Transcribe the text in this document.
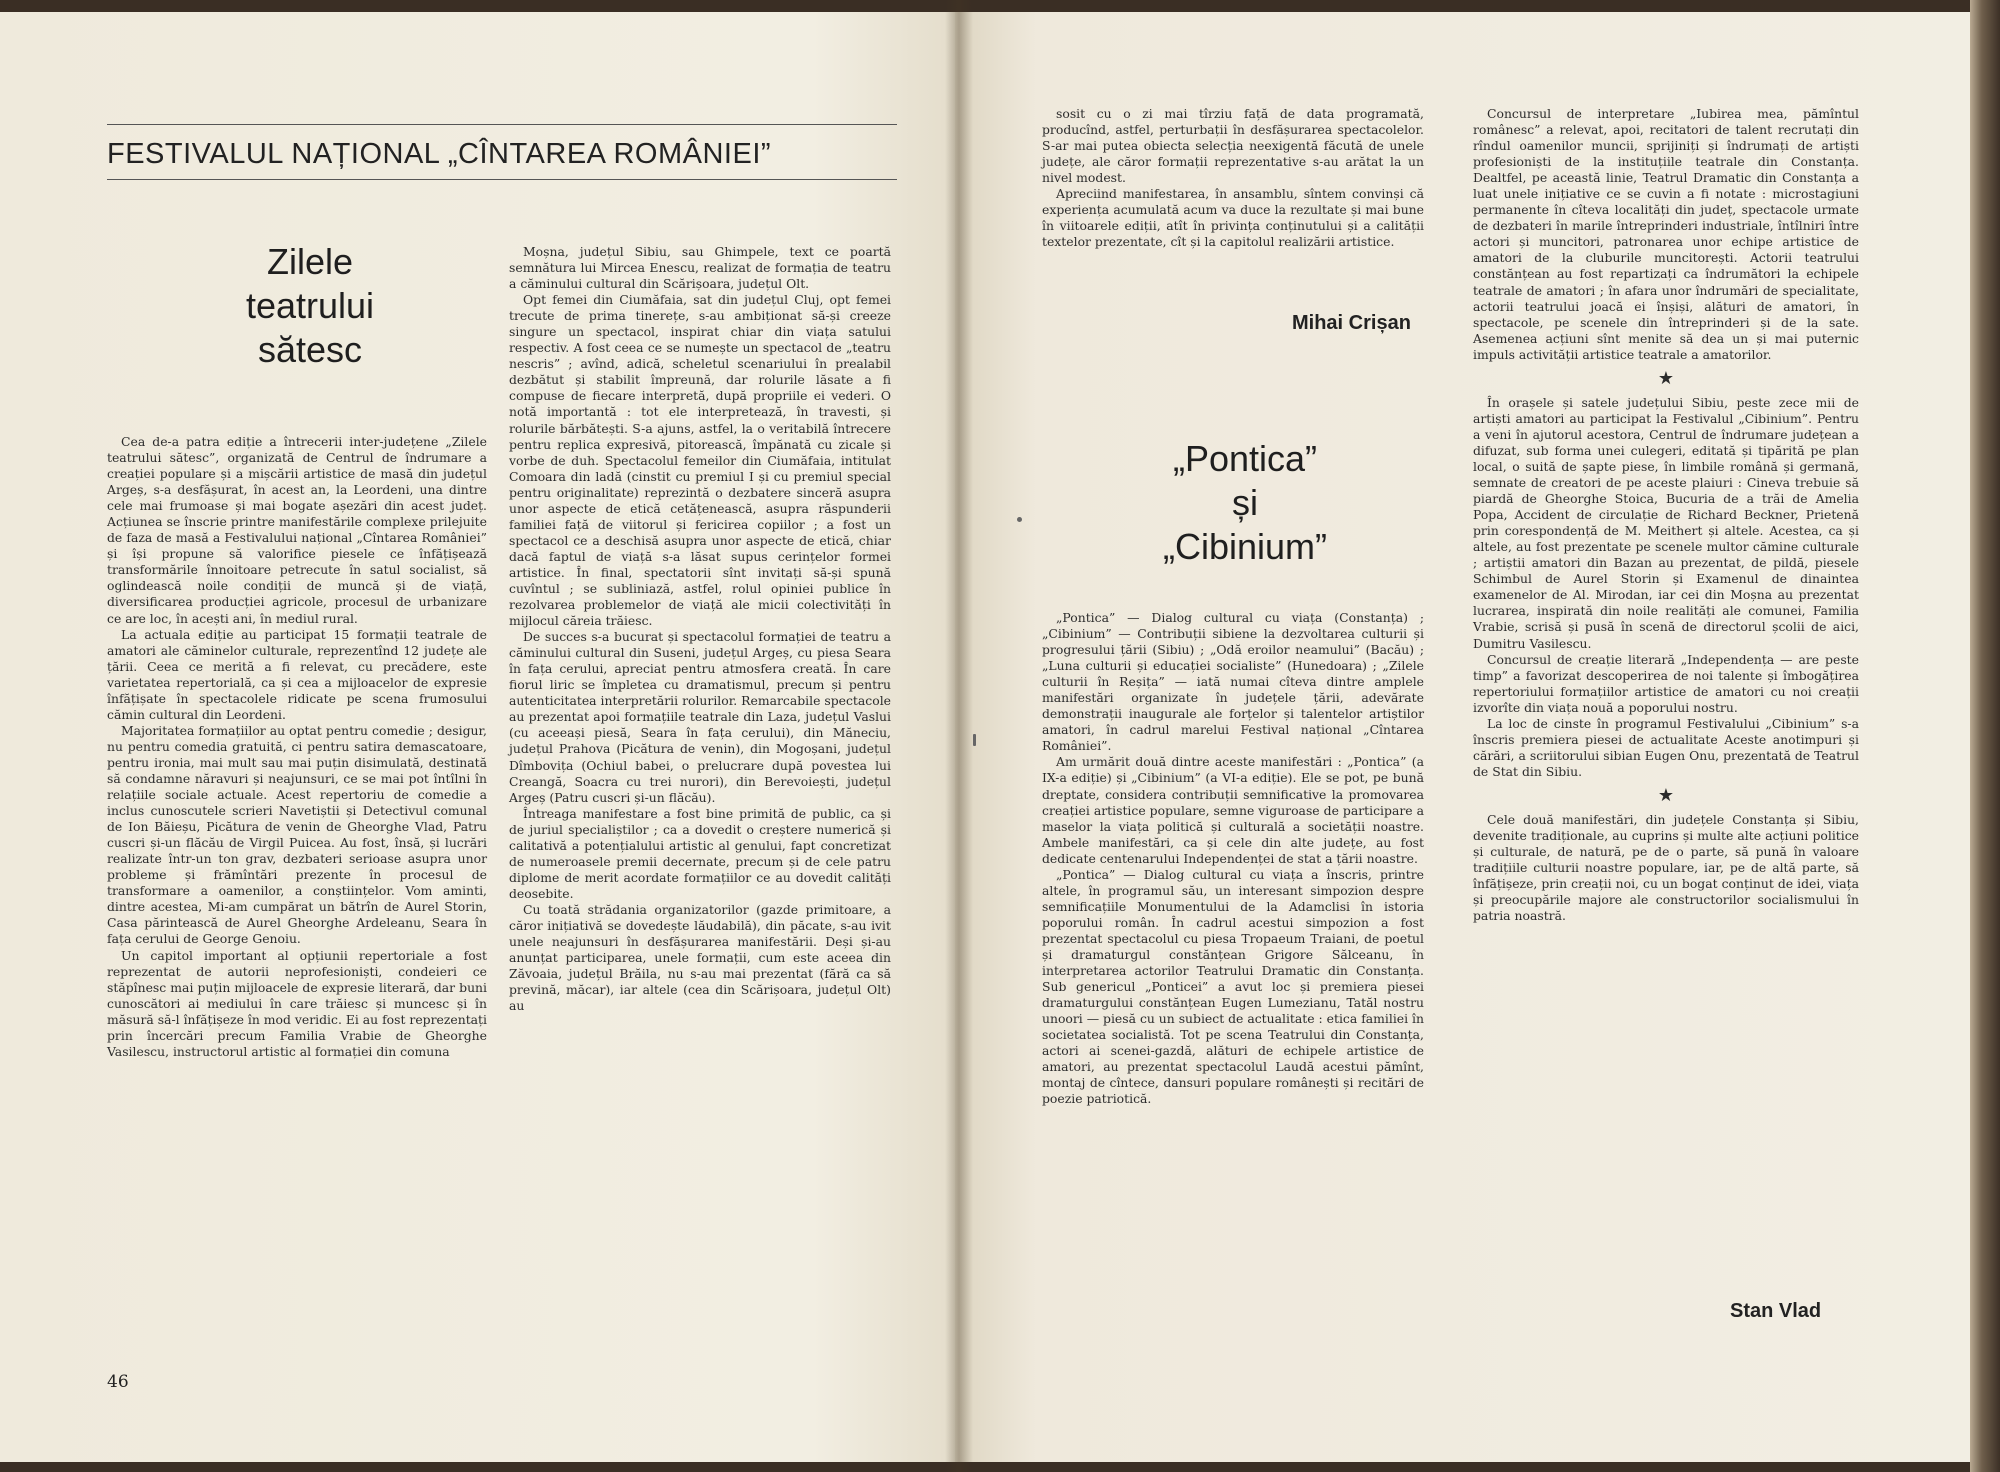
FESTIVALUL NAȚIONAL „CÎNTAREA ROMÂNIEI”
Zilele teatrului sătesc

Cea de-a patra ediție a întrecerii inter-județene „Zilele teatrului sătesc”, organizată de Centrul de îndrumare a creației populare și a mișcării artistice de masă din județul Argeș, s-a desfășurat, în acest an, la Leordeni, una dintre cele mai frumoase și mai bogate așezări din acest județ. Acțiunea se înscrie printre manifestările complexe prilejuite de faza de masă a Festivalului național „Cîntarea României” și își propune să valorifice piesele ce înfățișează transformările înnoitoare petrecute în satul socialist, să oglindească noile condiții de muncă și de viață, diversificarea producției agricole, procesul de urbanizare ce are loc, în acești ani, în mediul rural.

La actuala ediție au participat 15 formații teatrale de amatori ale căminelor culturale, reprezentînd 12 județe ale țării. Ceea ce merită a fi relevat, cu precădere, este varietatea repertorială, ca și cea a mijloacelor de expresie înfățișate în spectacolele ridicate pe scena frumosului cămin cultural din Leordeni.

Majoritatea formațiilor au optat pentru comedie ; desigur, nu pentru comedia gratuită, ci pentru satira demascatoare, pentru ironia, mai mult sau mai puțin disimulată, destinată să condamne năravuri și neajunsuri, ce se mai pot întîlni în relațiile sociale actuale. Acest repertoriu de comedie a inclus cunoscutele scrieri Navetiștii și Detectivul comunal de Ion Băieșu, Picătura de venin de Gheorghe Vlad, Patru cuscri și-un flăcău de Virgil Puicea. Au fost, însă, și lucrări realizate într-un ton grav, dezbateri serioase asupra unor probleme și frămîntări prezente în procesul de transformare a oamenilor, a conștiințelor. Vom aminti, dintre acestea, Mi-am cumpărat un bătrîn de Aurel Storin, Casa părintească de Aurel Gheorghe Ardeleanu, Seara în fața cerului de George Genoiu.

Un capitol important al opțiunii repertoriale a fost reprezentat de autorii neprofesioniști, condeieri ce stăpînesc mai puțin mijloacele de expresie literară, dar buni cunoscători ai mediului în care trăiesc și muncesc și în măsură să-l înfățișeze în mod veridic. Ei au fost reprezentați prin încercări precum Familia Vrabie de Gheorghe Vasilescu, instructorul artistic al formației din comuna

Moșna, județul Sibiu, sau Ghimpele, text ce poartă semnătura lui Mircea Enescu, realizat de formația de teatru a căminului cultural din Scărișoara, județul Olt.

Opt femei din Ciumăfaia, sat din județul Cluj, opt femei trecute de prima tinerețe, s-au ambiționat să-și creeze singure un spectacol, inspirat chiar din viața satului respectiv. A fost ceea ce se numește un spectacol de „teatru nescris” ; avînd, adică, scheletul scenariului în prealabil dezbătut și stabilit împreună, dar rolurile lăsate a fi compuse de fiecare interpretă, după propriile ei vederi. O notă importantă : tot ele interpretează, în travesti, și rolurile bărbătești. S-a ajuns, astfel, la o veritabilă întrecere pentru replica expresivă, pitorească, împănată cu zicale și vorbe de duh. Spectacolul femeilor din Ciumăfaia, intitulat Comoara din ladă (cinstit cu premiul I și cu premiul special pentru originalitate) reprezintă o dezbatere sinceră asupra unor aspecte de etică cetățenească, asupra răspunderii familiei față de viitorul și fericirea copiilor ; a fost un spectacol ce a deschisă asupra unor aspecte de etică, chiar dacă faptul de viață s-a lăsat supus cerințelor formei artistice. În final, spectatorii sînt invitați să-și spună cuvîntul ; se subliniază, astfel, rolul opiniei publice în rezolvarea problemelor de viață ale micii colectivități în mijlocul căreia trăiesc.

De succes s-a bucurat și spectacolul formației de teatru a căminului cultural din Suseni, județul Argeș, cu piesa Seara în fața cerului, apreciat pentru atmosfera creată. În care fiorul liric se împletea cu dramatismul, precum și pentru autenticitatea interpretării rolurilor. Remarcabile spectacole au prezentat apoi formațiile teatrale din Laza, județul Vaslui (cu aceeași piesă, Seara în fața cerului), din Măneciu, județul Prahova (Picătura de venin), din Mogoșani, județul Dîmbovița (Ochiul babei, o prelucrare după povestea lui Creangă, Soacra cu trei nurori), din Berevoiești, județul Argeș (Patru cuscri și-un flăcău).

Întreaga manifestare a fost bine primită de public, ca și de juriul specialiștilor ; ca a dovedit o creștere numerică și calitativă a potențialului artistic al genului, fapt concretizat de numeroasele premii decernate, precum și de cele patru diplome de merit acordate formațiilor ce au dovedit calități deosebite.

Cu toată strădania organizatorilor (gazde primitoare, a căror inițiativă se dovedește lăudabilă), din păcate, s-au ivit unele neajunsuri în desfășurarea manifestării. Deși și-au anunțat participarea, unele formații, cum este aceea din Zăvoaia, județul Brăila, nu s-au mai prezentat (fără ca să prevină, măcar), iar altele (cea din Scărișoara, județul Olt) au

46

sosit cu o zi mai tîrziu față de data programată, producînd, astfel, perturbații în desfășurarea spectacolelor. S-ar mai putea obiecta selecția neexigentă făcută de unele județe, ale căror formații reprezentative s-au arătat la un nivel modest.

Apreciind manifestarea, în ansamblu, sîntem convinși că experiența acumulată acum va duce la rezultate și mai bune în viitoarele ediții, atît în privința conținutului și a calității textelor prezentate, cît și la capitolul realizării artistice.

Mihai Crișan
„Pontica”
și
„Cibinium”

„Pontica” — Dialog cultural cu viața (Constanța) ; „Cibinium” — Contribuții sibiene la dezvoltarea culturii și progresului țării (Sibiu) ; „Odă eroilor neamului” (Bacău) ; „Luna culturii și educației socialiste” (Hunedoara) ; „Zilele culturii în Reșița” — iată numai cîteva dintre amplele manifestări organizate în județele țării, adevărate demonstrații inaugurale ale forțelor și talentelor artiștilor amatori, în cadrul marelui Festival național „Cîntarea României”.

Am urmărit două dintre aceste manifestări : „Pontica” (a IX-a ediție) și „Cibinium” (a VI-a ediție). Ele se pot, pe bună dreptate, considera contribuții semnificative la promovarea creației artistice populare, semne viguroase de participare a maselor la viața politică și culturală a societății noastre. Ambele manifestări, ca și cele din alte județe, au fost dedicate centenarului Independenței de stat a țării noastre.

„Pontica” — Dialog cultural cu viața a înscris, printre altele, în programul său, un interesant simpozion despre semnificațiile Monumentului de la Adamclisi în istoria poporului român. În cadrul acestui simpozion a fost prezentat spectacolul cu piesa Tropaeum Traiani, de poetul și dramaturgul constănțean Grigore Sălceanu, în interpretarea actorilor Teatrului Dramatic din Constanța. Sub genericul „Ponticei” a avut loc și premiera piesei dramaturgului constănțean Eugen Lumezianu, Tatăl nostru unoori — piesă cu un subiect de actualitate : etica familiei în societatea socialistă. Tot pe scena Teatrului din Constanța, actori ai scenei-gazdă, alături de echipele artistice de amatori, au prezentat spectacolul Laudă acestui pămînt, montaj de cîntece, dansuri populare românești și recitări de poezie patriotică.

Concursul de interpretare „Iubirea mea, pămîntul românesc” a relevat, apoi, recitatori de talent recrutați din rîndul oamenilor muncii, sprijiniți și îndrumați de artiști profesioniști de la instituțiile teatrale din Constanța. Dealtfel, pe această linie, Teatrul Dramatic din Constanța a luat unele inițiative ce se cuvin a fi notate : microstagiuni permanente în cîteva localități din județ, spectacole urmate de dezbateri în marile întreprinderi industriale, întîlniri între actori și muncitori, patronarea unor echipe artistice de amatori de la cluburile muncitorești. Actorii teatrului constănțean au fost repartizați ca îndrumători la echipele teatrale de amatori ; în afara unor îndrumări de specialitate, actorii teatrului joacă ei înșiși, alături de amatori, în spectacole, pe scenele din întreprinderi și de la sate. Asemenea acțiuni sînt menite să dea un și mai puternic impuls activității artistice teatrale a amatorilor.

★

În orașele și satele județului Sibiu, peste zece mii de artiști amatori au participat la Festivalul „Cibinium”. Pentru a veni în ajutorul acestora, Centrul de îndrumare județean a difuzat, sub forma unei culegeri, editată și tipărită pe plan local, o suită de șapte piese, în limbile română și germană, semnate de creatori de pe aceste plaiuri : Cineva trebuie să piardă de Gheorghe Stoica, Bucuria de a trăi de Amelia Popa, Accident de circulație de Richard Beckner, Prietenă prin corespondență de M. Meithert și altele. Acestea, ca și altele, au fost prezentate pe scenele multor cămine culturale ; artiștii amatori din Bazan au prezentat, de pildă, piesele Schimbul de Aurel Storin și Examenul de dinaintea examenelor de Al. Mirodan, iar cei din Moșna au prezentat lucrarea, inspirată din noile realități ale comunei, Familia Vrabie, scrisă și pusă în scenă de directorul școlii de aici, Dumitru Vasilescu.

Concursul de creație literară „Independența — are peste timp” a favorizat descoperirea de noi talente și îmbogățirea repertoriului formațiilor artistice de amatori cu noi creații izvorîte din viața nouă a poporului nostru.

La loc de cinste în programul Festivalului „Cibinium” s-a înscris premiera piesei de actualitate Aceste anotimpuri și cărări, a scriitorului sibian Eugen Onu, prezentată de Teatrul de Stat din Sibiu.

★

Cele două manifestări, din județele Constanța și Sibiu, devenite tradiționale, au cuprins și multe alte acțiuni politice și culturale, de natură, pe de o parte, să pună în valoare tradițiile culturii noastre populare, iar, pe de altă parte, să înfățișeze, prin creații noi, cu un bogat conținut de idei, viața și preocupările majore ale constructorilor socialismului în patria noastră.

Stan Vlad
